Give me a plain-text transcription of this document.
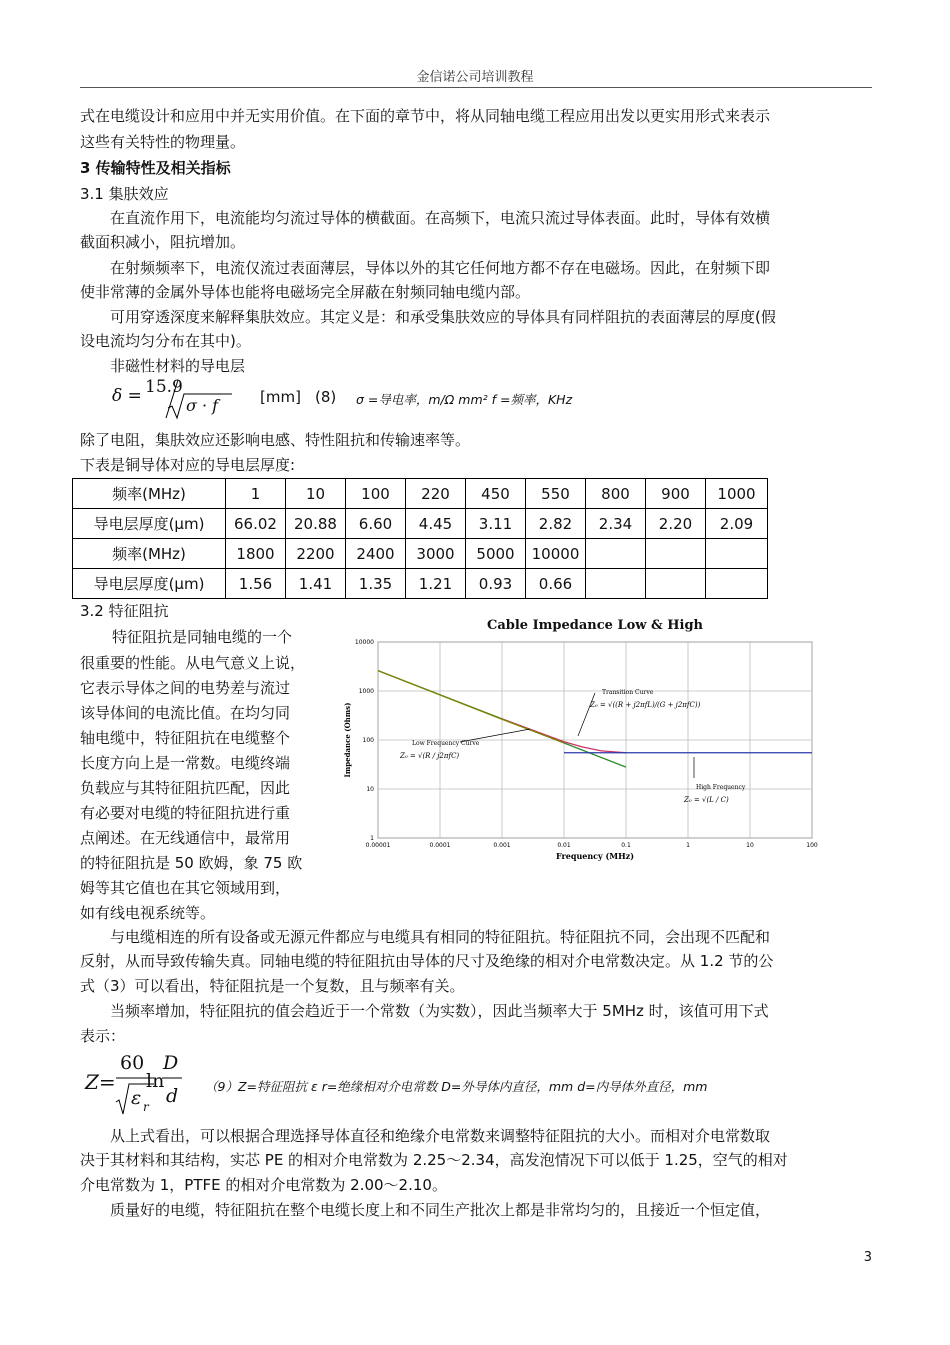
金信诺公司培训教程
式在电缆设计和应用中并无实用价值。在下面的章节中，将从同轴电缆工程应用出发以更实用形式来表示
这些有关特性的物理量。
3 传输特性及相关指标
3.1 集肤效应
在直流作用下，电流能均匀流过导体的横截面。在高频下，电流只流过导体表面。此时，导体有效横
截面积减小，阻抗增加。
在射频频率下，电流仅流过表面薄层，导体以外的其它任何地方都不存在电磁场。因此，在射频下即
使非常薄的金属外导体也能将电磁场完全屏蔽在射频同轴电缆内部。
可用穿透深度来解释集肤效应。其定义是：和承受集肤效应的导体具有同样阻抗的表面薄层的厚度(假
设电流均匀分布在其中)。
非磁性材料的导电层
δ = 15.9
σ · f	[mm] (8) σ =导电率，m/Ω mm² f =频率，KHz
除了电阻，集肤效应还影响电感、特性阻抗和传输速率等。
下表是铜导体对应的导电层厚度:
频率(MHz)	1	10	100	220	450	550	800	900	1000
导电层厚度(μm)	66.02	20.88	6.60	4.45	3.11	2.82	2.34	2.20	2.09
频率(MHz)	1800	2200	2400	3000	5000	10000			
导电层厚度(μm)	1.56	1.41	1.35	1.21	0.93	0.66			
3.2 特征阻抗
特征阻抗是同轴电缆的一个
很重要的性能。从电气意义上说，
它表示导体之间的电势差与流过
该导体间的电流比值。在均匀同
轴电缆中，特征阻抗在电缆整个
长度方向上是一常数。电缆终端
负载应与其特征阻抗匹配，因此
有必要对电缆的特征阻抗进行重
点阐述。在无线通信中，最常用
的特征阻抗是 50 欧姆，象 75 欧
姆等其它值也在其它领域用到，
如有线电视系统等。
Cable Impedance Low & High
0.00001	0.0001	0.001	0.01	0.1	1	10	100
1
10
100
1000
10000
Frequency (MHz)
Impedance (Ohms)
Transition Curve
Z₀ = √((R + j2πfL)/(G + j2πfC))
Low Frequency Curve
Z₀ = √(R / j2πfC)
High Frequency
Z₀ = √(L / C)
与电缆相连的所有设备或无源元件都应与电缆具有相同的特征阻抗。特征阻抗不同，会出现不匹配和
反射，从而导致传输失真。同轴电缆的特征阻抗由导体的尺寸及绝缘的相对介电常数决定。从 1.2 节的公
式（3）可以看出，特征阻抗是一个复数，且与频率有关。
当频率增加，特征阻抗的值会趋近于一个常数（为实数），因此当频率大于 5MHz 时，该值可用下式
表示：
Z=
60
ε r
ln
D
d （9）Z=特征阻抗 ε r=绝缘相对介电常数 D=外导体内直径，mm d=内导体外直径，mm
从上式看出，可以根据合理选择导体直径和绝缘介电常数来调整特征阻抗的大小。而相对介电常数取
决于其材料和其结构，实芯 PE 的相对介电常数为 2.25～2.34，高发泡情况下可以低于 1.25，空气的相对
介电常数为 1，PTFE 的相对介电常数为 2.00～2.10。
质量好的电缆，特征阻抗在整个电缆长度上和不同生产批次上都是非常均匀的，且接近一个恒定值，
3
